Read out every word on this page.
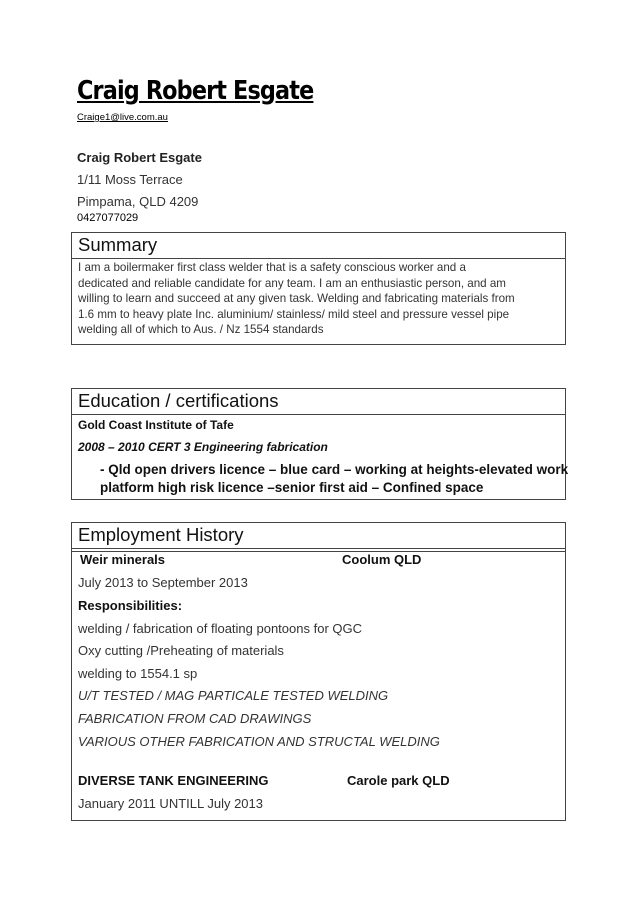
Craig Robert Esgate
Craige1@live.com.au
Craig Robert Esgate
1/11 Moss Terrace
Pimpama, QLD 4209
0427077029
Summary
I am a boilermaker first class welder that is a safety conscious worker and a
dedicated and reliable candidate for any team. I am an enthusiastic person, and am
willing to learn and succeed at any given task. Welding and fabricating materials from
1.6 mm to heavy plate Inc. aluminium/ stainless/ mild steel and pressure vessel pipe
welding all of which to Aus. / Nz 1554 standards
Education / certifications
Gold Coast Institute of Tafe
2008 – 2010 CERT 3 Engineering fabrication
- Qld open drivers licence – blue card – working at heights-elevated work
platform high risk licence –senior first aid – Confined space
Employment History
Weir minerals	Coolum QLD
July 2013 to September 2013
Responsibilities:
welding / fabrication of floating pontoons for QGC
Oxy cutting /Preheating of materials
welding to 1554.1 sp
U/T TESTED / MAG PARTICALE TESTED WELDING
FABRICATION FROM CAD DRAWINGS
VARIOUS OTHER FABRICATION AND STRUCTAL WELDING
DIVERSE TANK ENGINEERING	Carole park QLD
January 2011 UNTILL July 2013
